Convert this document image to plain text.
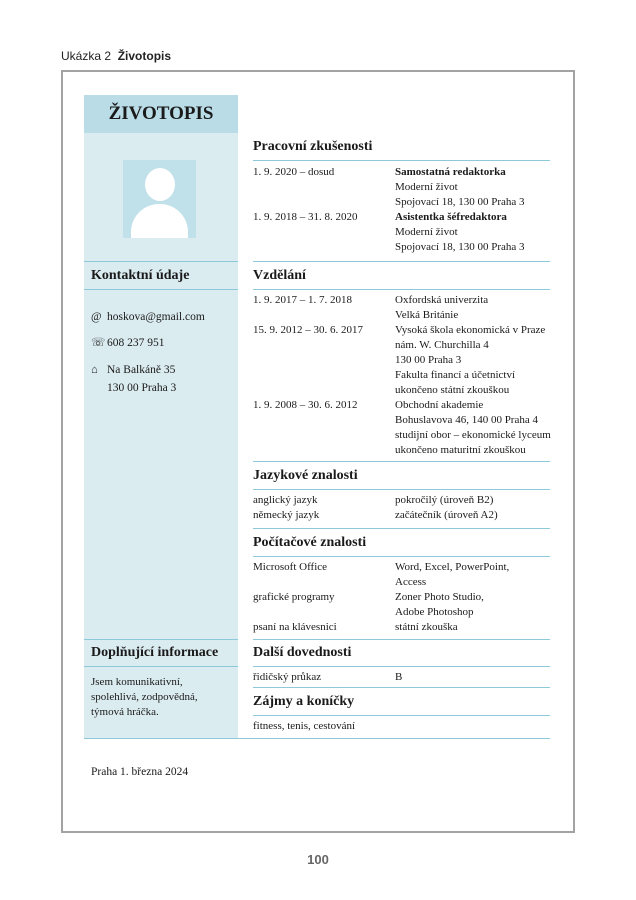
Ukázka 2 Životopis
Kontaktní údaje
@ hoskova@gmail.com
☏ 608 237 951
⌂ Na Balkáně 35
130 00 Praha 3
Doplňující informace
Jsem komunikativní, spolehlivá, zodpovědná, týmová hráčka.
ŽIVOTOPIS
Pracovní zkušenosti
1. 9. 2020 – dosud	Samostatná redaktorka
Moderní život
Spojovací 18, 130 00 Praha 3
1. 9. 2018 – 31. 8. 2020	Asistentka šéfredaktora
Moderní život
Spojovací 18, 130 00 Praha 3
Vzdělání
1. 9. 2017 – 1. 7. 2018	Oxfordská univerzita
Velká Británie
15. 9. 2012 – 30. 6. 2017	Vysoká škola ekonomická v Praze
nám. W. Churchilla 4
130 00 Praha 3
Fakulta financí a účetnictví
ukončeno státní zkouškou
1. 9. 2008 – 30. 6. 2012	Obchodní akademie
Bohuslavova 46, 140 00 Praha 4
studijní obor – ekonomické lyceum
ukončeno maturitní zkouškou
Jazykové znalosti
anglický jazyk	pokročilý (úroveň B2)
německý jazyk	začátečník (úroveň A2)
Počítačové znalosti
Microsoft Office	Word, Excel, PowerPoint,
Access
grafické programy	Zoner Photo Studio,
Adobe Photoshop
psaní na klávesnici	státní zkouška
Další dovednosti
řidičský průkaz	B
Zájmy a koníčky
fitness, tenis, cestování
Praha 1. března 2024
100
